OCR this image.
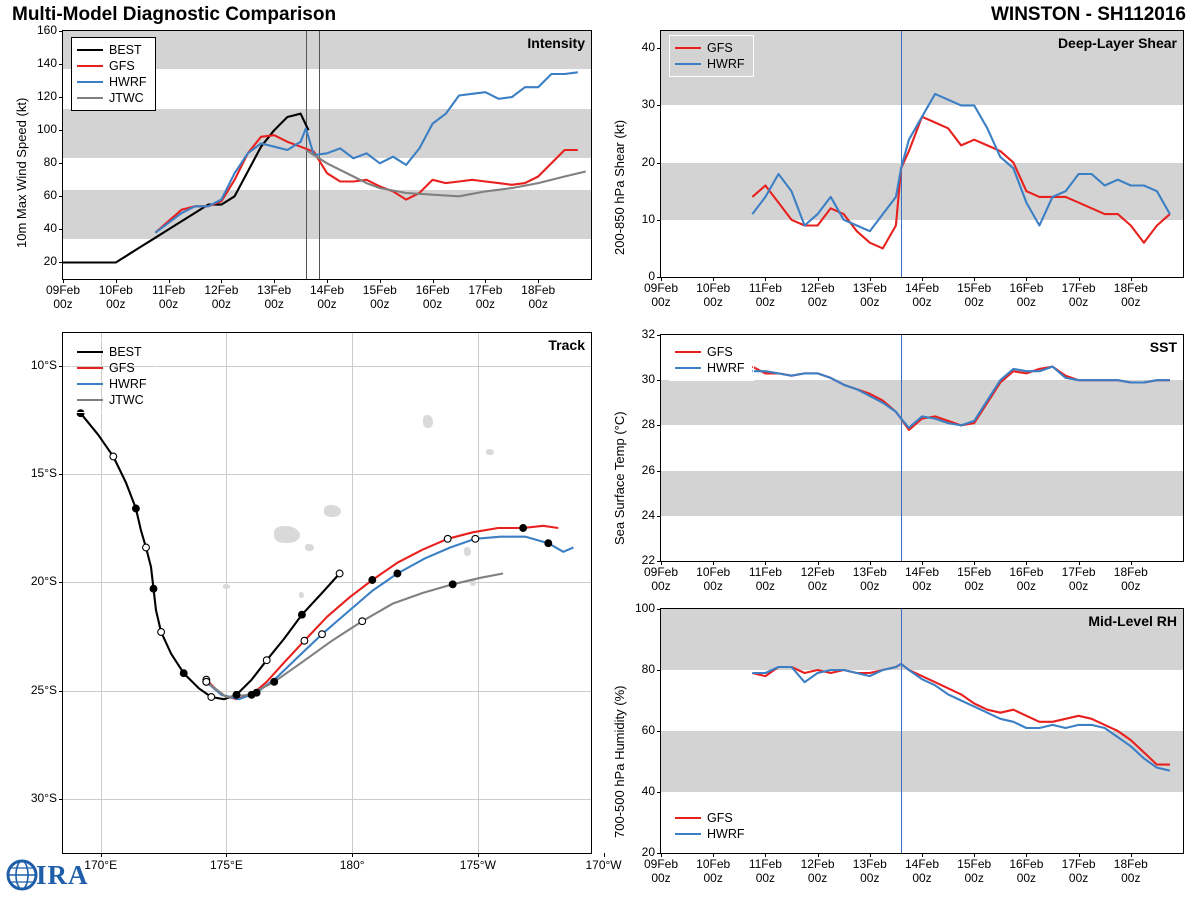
Multi-Model Diagnostic Comparison	WINSTON - SH112016
Intensity
BEST
GFS
HWRF
JTWC
10m Max Wind Speed (kt)
Track
BEST
GFS
HWRF
JTWC
Deep-Layer Shear
GFS
HWRF
200-850 hPa Shear (kt)
SST
GFS
HWRF
Sea Surface Temp (°C)
Mid-Level RH
GFS
HWRF
700-500 hPa Humidity (%)
IRA
20
40
60
80
100
120
140
160
09Feb
00z
10Feb
00z
11Feb
00z
12Feb
00z
13Feb
00z
14Feb
00z
15Feb
00z
16Feb
00z
17Feb
00z
18Feb
00z
0
10
20
30
40
09Feb
00z
10Feb
00z
11Feb
00z
12Feb
00z
13Feb
00z
14Feb
00z
15Feb
00z
16Feb
00z
17Feb
00z
18Feb
00z
22
24
26
28
30
32
09Feb
00z
10Feb
00z
11Feb
00z
12Feb
00z
13Feb
00z
14Feb
00z
15Feb
00z
16Feb
00z
17Feb
00z
18Feb
00z
20
40
60
80
100
09Feb
00z
10Feb
00z
11Feb
00z
12Feb
00z
13Feb
00z
14Feb
00z
15Feb
00z
16Feb
00z
17Feb
00z
18Feb
00z
10°S
15°S
20°S
25°S
30°S
170°E	175°E	180°	175°W	170°W
